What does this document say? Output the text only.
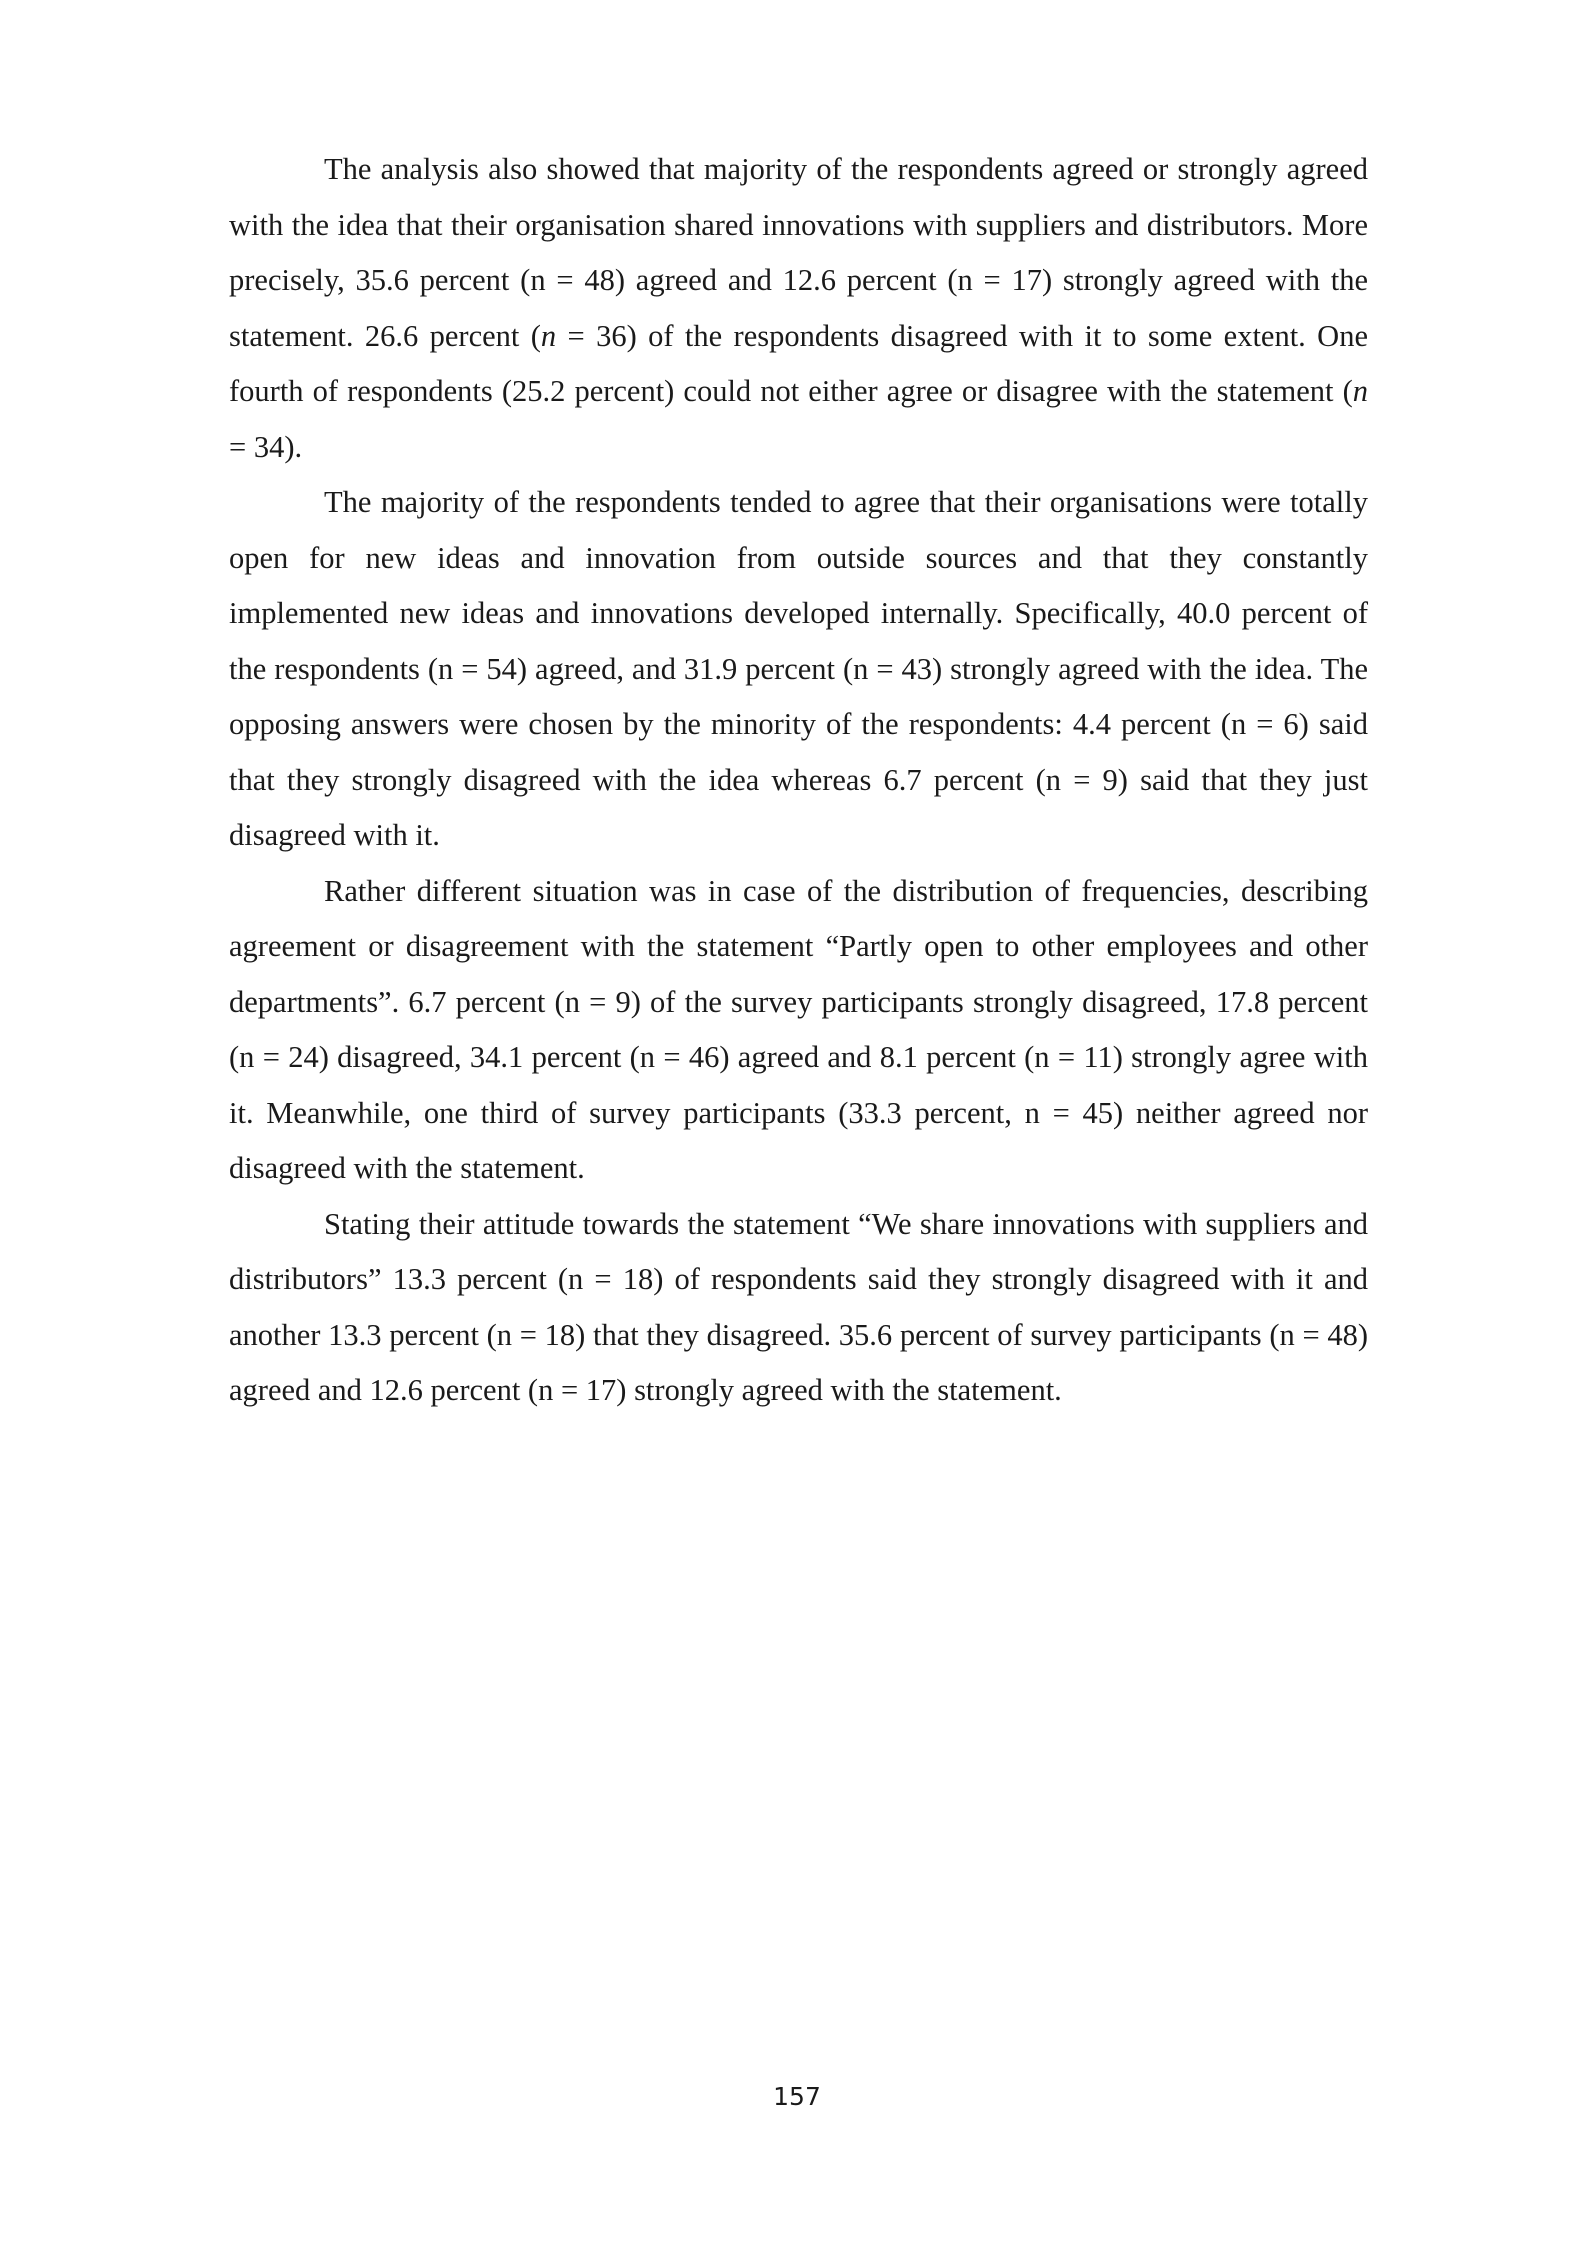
The analysis also showed that majority of the respondents agreed or strongly agreed with the idea that their organisation shared innovations with suppliers and distributors. More precisely, 35.6 percent (n = 48) agreed and 12.6 percent (n = 17) strongly agreed with the statement. 26.6 percent (n = 36) of the respondents disagreed with it to some extent. One fourth of respondents (25.2 percent) could not either agree or disagree with the statement (n = 34).

The majority of the respondents tended to agree that their organisations were totally open for new ideas and innovation from outside sources and that they constantly implemented new ideas and innovations developed internally. Specifically, 40.0 percent of the respondents (n = 54) agreed, and 31.9 percent (n = 43) strongly agreed with the idea. The opposing answers were chosen by the minority of the respondents: 4.4 percent (n = 6) said that they strongly disagreed with the idea whereas 6.7 percent (n = 9) said that they just disagreed with it.

Rather different situation was in case of the distribution of frequencies, describing agreement or disagreement with the statement “Partly open to other employees and other departments”. 6.7 percent (n = 9) of the survey participants strongly disagreed, 17.8 percent (n = 24) disagreed, 34.1 percent (n = 46) agreed and 8.1 percent (n = 11) strongly agree with it. Meanwhile, one third of survey participants (33.3 percent, n = 45) neither agreed nor disagreed with the statement.

Stating their attitude towards the statement “We share innovations with suppliers and distributors” 13.3 percent (n = 18) of respondents said they strongly disagreed with it and another 13.3 percent (n = 18) that they disagreed. 35.6 percent of survey participants (n = 48) agreed and 12.6 percent (n = 17) strongly agreed with the statement.

157
